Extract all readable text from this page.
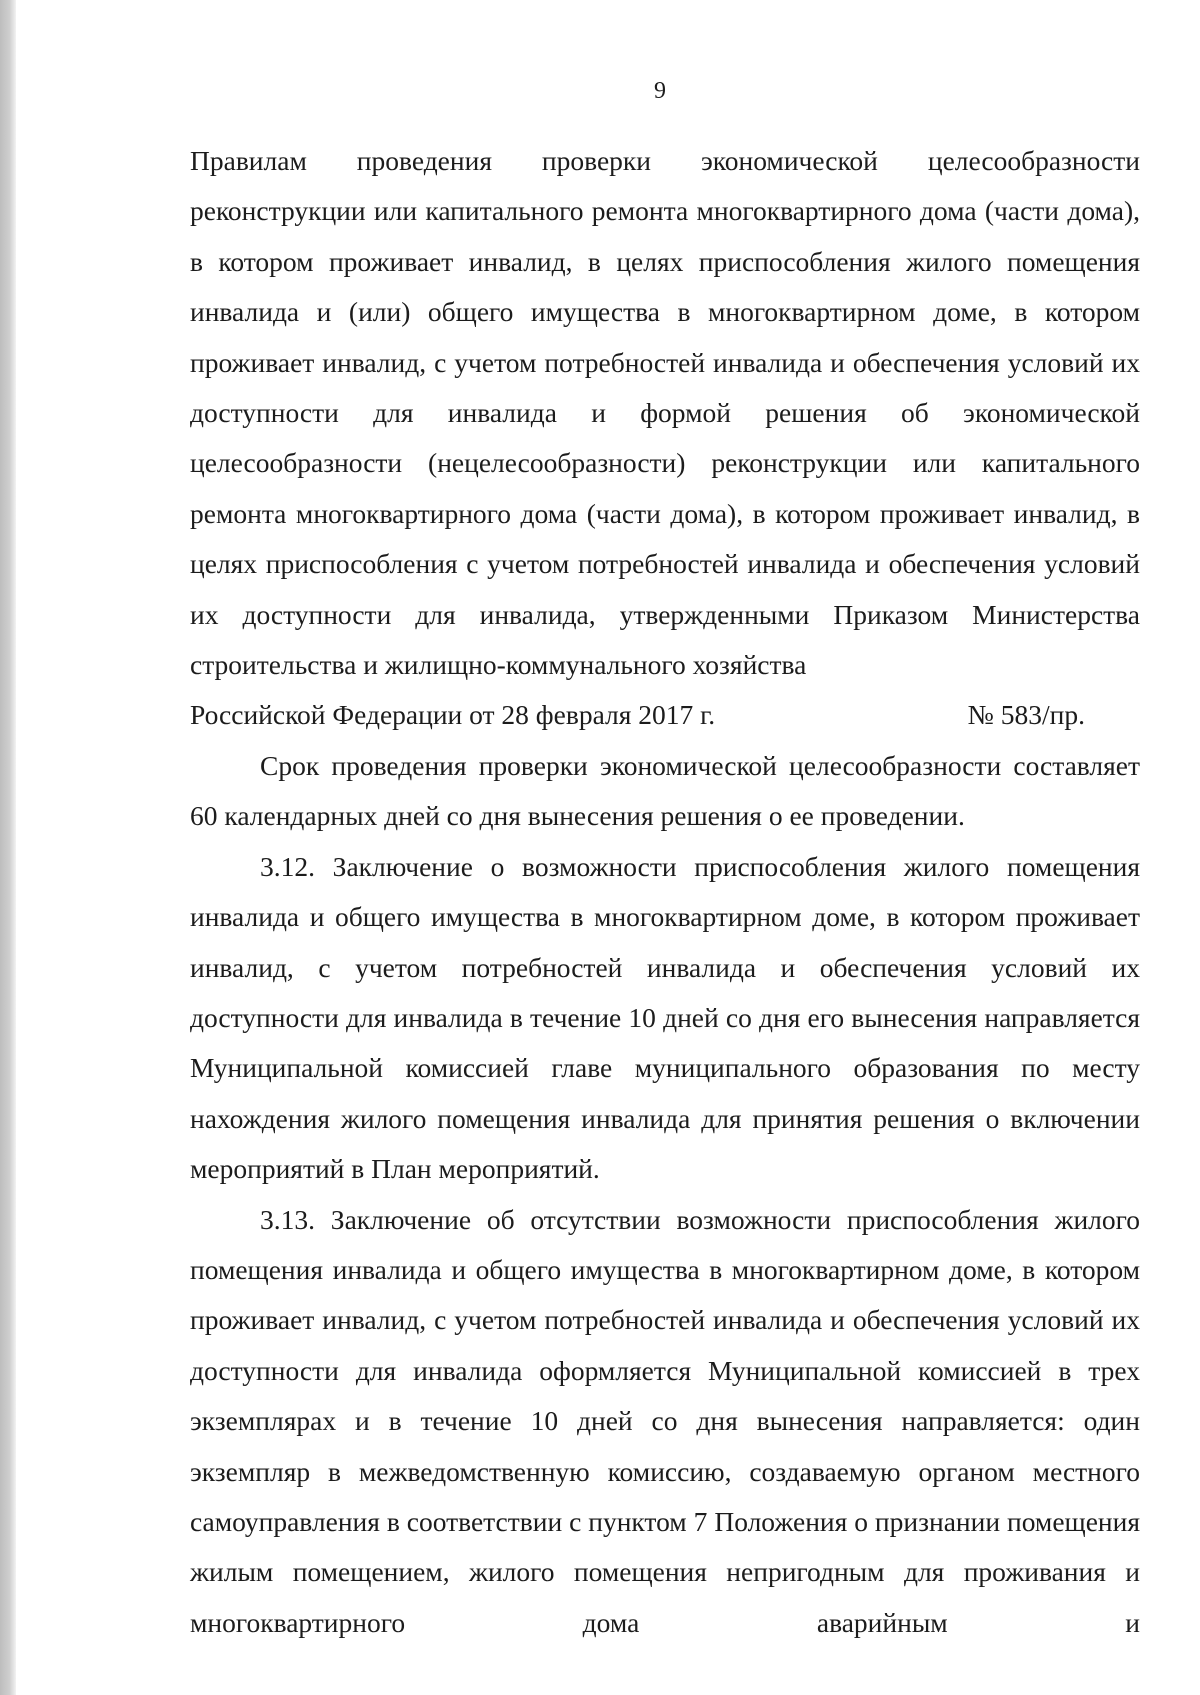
9

Правилам проведения проверки экономической целесообразности реконструкции или капитального ремонта многоквартирного дома (части дома), в котором проживает инвалид, в целях приспособления жилого помещения инвалида и (или) общего имущества в многоквартирном доме, в котором проживает инвалид, с учетом потребностей инвалида и обеспечения условий их доступности для инвалида и формой решения об экономической целесообразности (нецелесообразности) реконструкции или капитального ремонта многоквартирного дома (части дома), в котором проживает инвалид, в целях приспособления с учетом потребностей инвалида и обеспечения условий их доступности для инвалида, утвержденными Приказом Министерства строительства и жилищно-коммунального хозяйства

Российской Федерации от 28 февраля 2017 г.	№ 583/пр.

Срок проведения проверки экономической целесообразности составляет 60 календарных дней со дня вынесения решения о ее проведении.

3.12. Заключение о возможности приспособления жилого помещения инвалида и общего имущества в многоквартирном доме, в котором проживает инвалид, с учетом потребностей инвалида и обеспечения условий их доступности для инвалида в течение 10 дней со дня его вынесения направляется Муниципальной комиссией главе муниципального образования по месту нахождения жилого помещения инвалида для принятия решения о включении мероприятий в План мероприятий.

3.13. Заключение об отсутствии возможности приспособления жилого помещения инвалида и общего имущества в многоквартирном доме, в котором проживает инвалид, с учетом потребностей инвалида и обеспечения условий их доступности для инвалида оформляется Муниципальной комиссией в трех экземплярах и в течение 10 дней со дня вынесения направляется: один экземпляр в межведомственную комиссию, создаваемую органом местного самоуправления в соответствии с пунктом 7 Положения о признании помещения жилым помещением, жилого помещения непригодным для проживания и многоквартирного дома аварийным и
